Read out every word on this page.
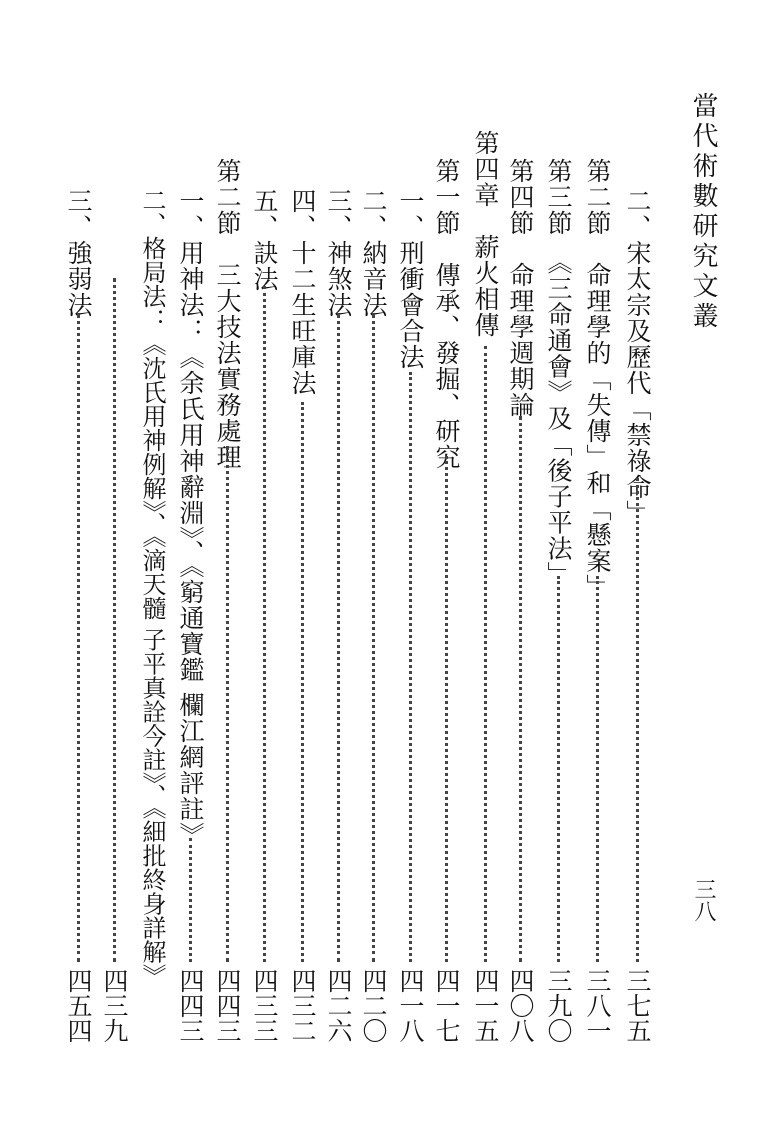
當代術數研究文叢
三八
二、宋太宗及歷代「禁祿命」
三七五
第二節　命理學的「失傳」和「懸案」
三八一
第三節　《三命通會》及「後子平法」
三九〇
第四節　命理學週期論
四〇八
第四章　薪火相傳
四一五
第一節　傳承、發掘、研究
四一七
一、刑衝會合法
四一八
二、納音法
四二〇
三、神煞法
四二六
四、十二生旺庫法
四三二
五、訣法
四三三
第二節　三大技法實務處理
四四三
一、用神法：《余氏用神辭淵》、《窮通寶鑑 欄江網評註》
四四三
二、格局法：《沈氏用神例解》、《滴天髓 子平真詮今註》、《細批終身詳解》
四三九
三、強弱法
四五四
